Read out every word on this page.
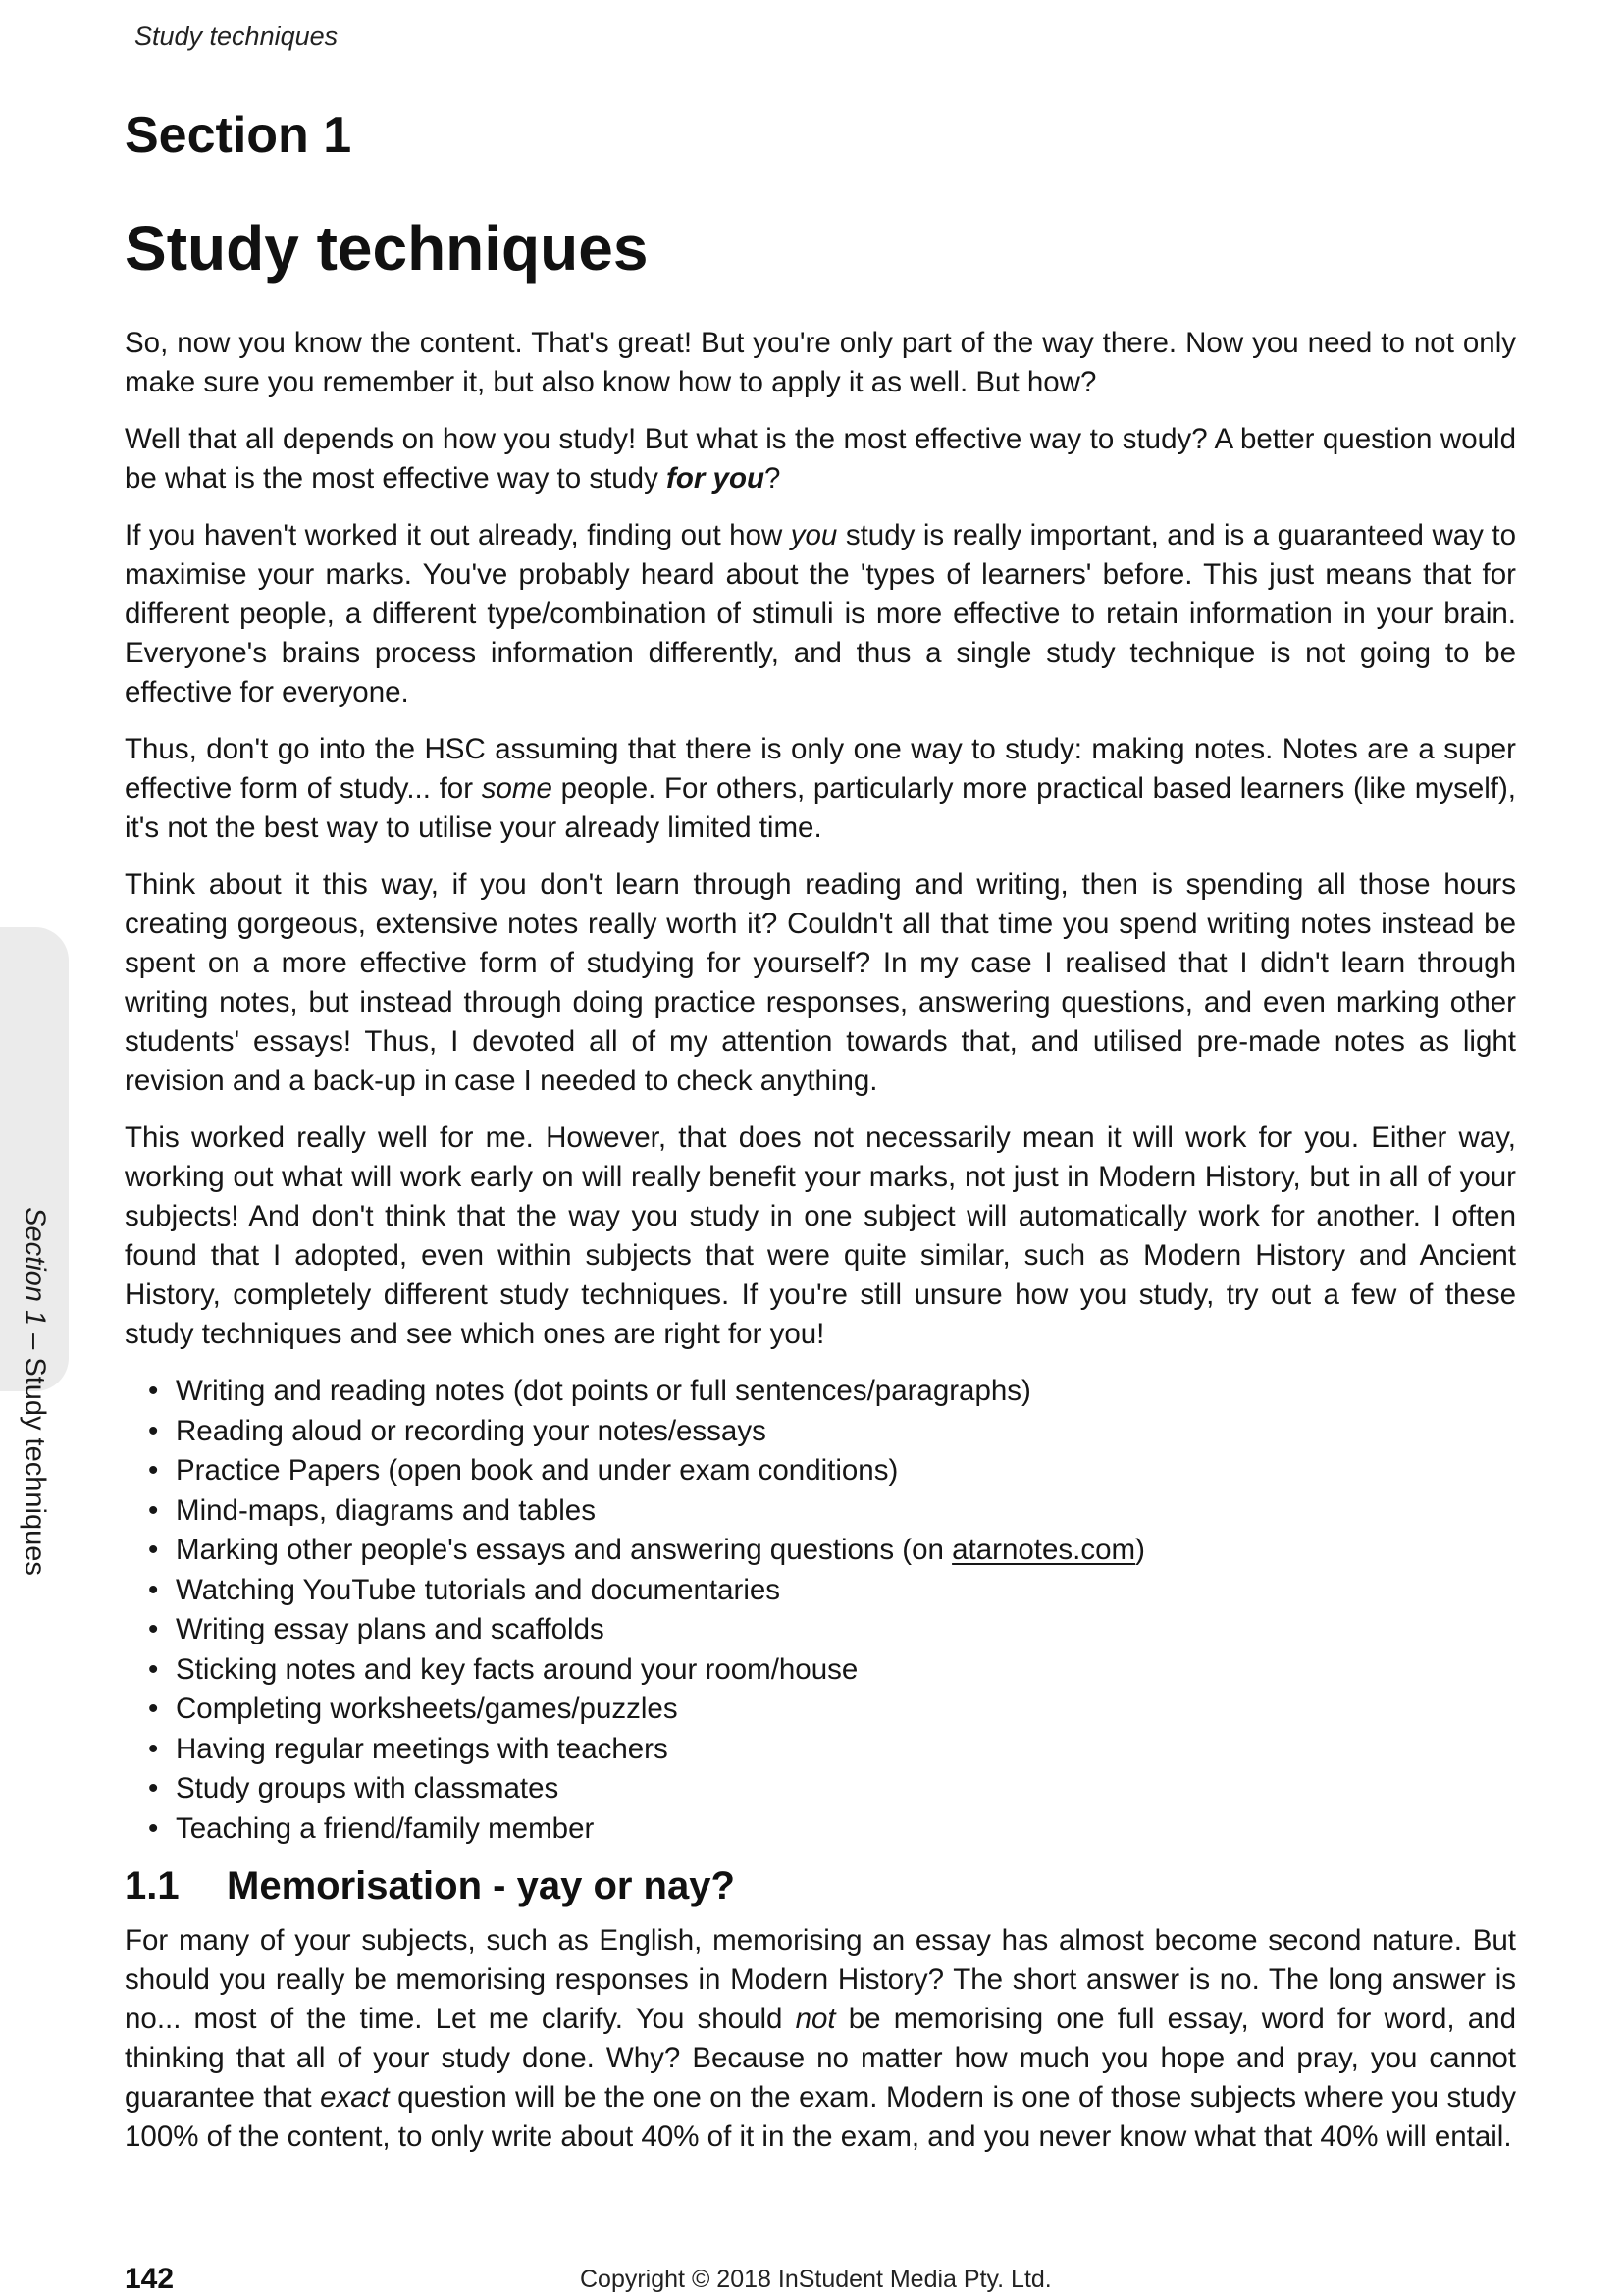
Study techniques
Section 1
Study techniques

So, now you know the content. That's great! But you're only part of the way there. Now you need to not only make sure you remember it, but also know how to apply it as well. But how?

Well that all depends on how you study! But what is the most effective way to study? A better question would be what is the most effective way to study for you?

If you haven't worked it out already, finding out how you study is really important, and is a guaranteed way to maximise your marks. You've probably heard about the 'types of learners' before. This just means that for different people, a different type/combination of stimuli is more effective to retain information in your brain. Everyone's brains process information differently, and thus a single study technique is not going to be effective for everyone.

Thus, don't go into the HSC assuming that there is only one way to study: making notes. Notes are a super effective form of study... for some people. For others, particularly more practical based learners (like myself), it's not the best way to utilise your already limited time.

Think about it this way, if you don't learn through reading and writing, then is spending all those hours creating gorgeous, extensive notes really worth it? Couldn't all that time you spend writing notes instead be spent on a more effective form of studying for yourself? In my case I realised that I didn't learn through writing notes, but instead through doing practice responses, answering questions, and even marking other students' essays! Thus, I devoted all of my attention towards that, and utilised pre-made notes as light revision and a back-up in case I needed to check anything.

This worked really well for me. However, that does not necessarily mean it will work for you. Either way, working out what will work early on will really benefit your marks, not just in Modern History, but in all of your subjects! And don't think that the way you study in one subject will automatically work for another. I often found that I adopted, even within subjects that were quite similar, such as Modern History and Ancient History, completely different study techniques. If you're still unsure how you study, try out a few of these study techniques and see which ones are right for you!

• Writing and reading notes (dot points or full sentences/paragraphs)
• Reading aloud or recording your notes/essays
• Practice Papers (open book and under exam conditions)
• Mind-maps, diagrams and tables
• Marking other people's essays and answering questions (on atarnotes.com)
• Watching YouTube tutorials and documentaries
• Writing essay plans and scaffolds
• Sticking notes and key facts around your room/house
• Completing worksheets/games/puzzles
• Having regular meetings with teachers
• Study groups with classmates
• Teaching a friend/family member
1.1 Memorisation - yay or nay?

For many of your subjects, such as English, memorising an essay has almost become second nature. But should you really be memorising responses in Modern History? The short answer is no. The long answer is no... most of the time. Let me clarify. You should not be memorising one full essay, word for word, and thinking that all of your study done. Why? Because no matter how much you hope and pray, you cannot guarantee that exact question will be the one on the exam. Modern is one of those subjects where you study 100% of the content, to only write about 40% of it in the exam, and you never know what that 40% will entail.

Section 1 – Study techniques
142	Copyright © 2018 InStudent Media Pty. Ltd.
